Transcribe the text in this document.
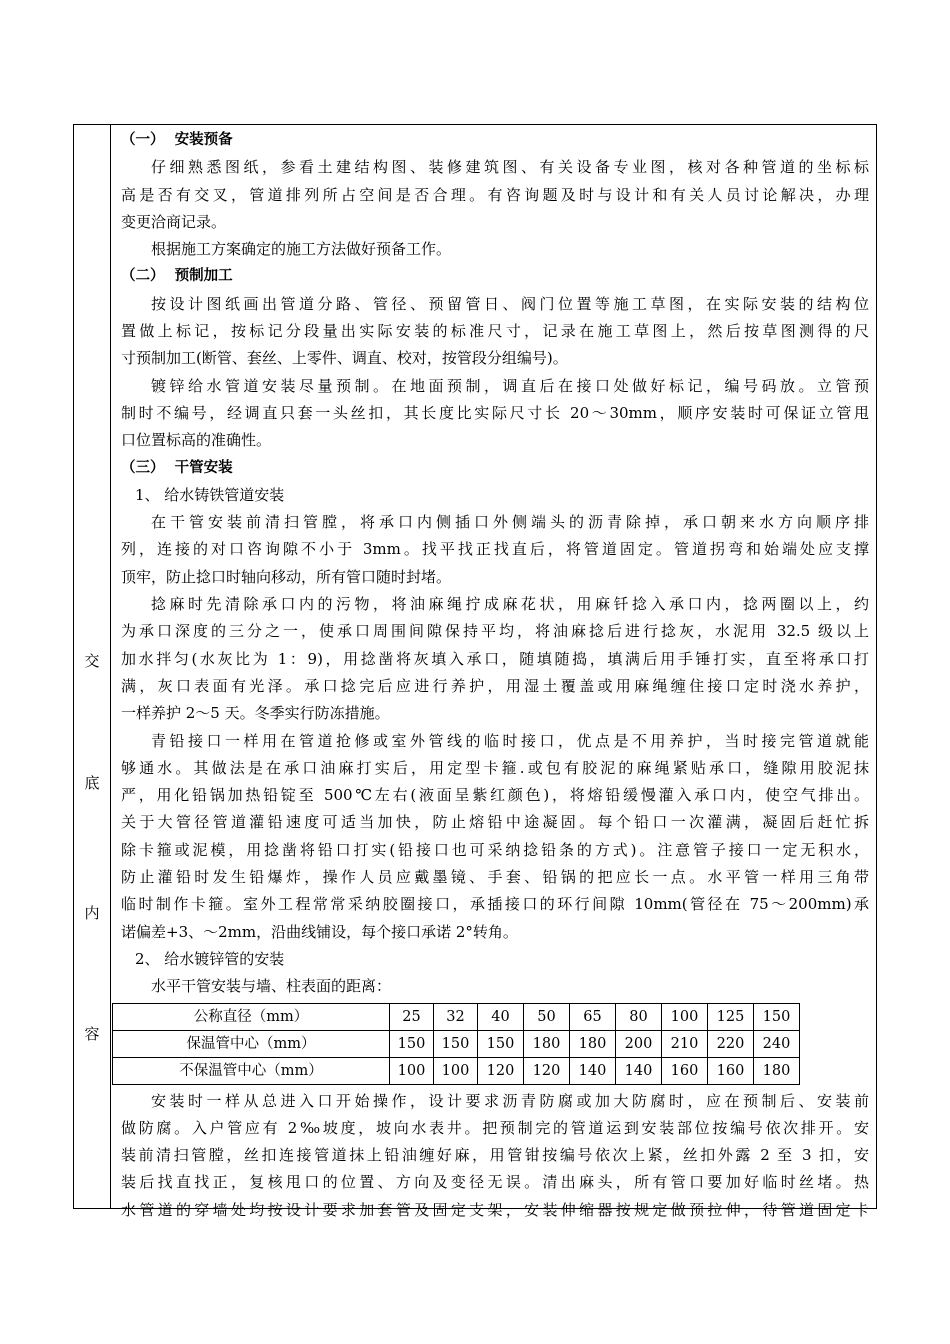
交
底
内
容
（一） 安装预备
仔细熟悉图纸，参看土建结构图、装修建筑图、有关设备专业图，核对各种管道的坐标标
高是否有交叉，管道排列所占空间是否合理。有咨询题及时与设计和有关人员讨论解决，办理
变更洽商记录。
根据施工方案确定的施工方法做好预备工作。
（二） 预制加工
按设计图纸画出管道分路、管径、预留管日、阀门位置等施工草图，在实际安装的结构位
置做上标记，按标记分段量出实际安装的标准尺寸，记录在施工草图上，然后按草图测得的尺
寸预制加工(断管、套丝、上零件、调直、校对，按管段分组编号)。
镀锌给水管道安装尽量预制。在地面预制，调直后在接口处做好标记，编号码放。立管预
制时不编号，经调直只套一头丝扣，其长度比实际尺寸长 20～30mm，顺序安装时可保证立管甩
口位置标高的准确性。
（三） 干管安装
1、 给水铸铁管道安装
在干管安装前清扫管膛，将承口内侧插口外侧端头的沥青除掉，承口朝来水方向顺序排
列，连接的对口咨询隙不小于 3mm。找平找正找直后，将管道固定。管道拐弯和始端处应支撑
顶牢，防止捻口时轴向移动，所有管口随时封堵。
捻麻时先清除承口内的污物，将油麻绳拧成麻花状，用麻钎捻入承口内，捻两圈以上，约
为承口深度的三分之一，使承口周围间隙保持平均，将油麻捻后进行捻灰，水泥用 32.5 级以上
加水拌匀(水灰比为 1：9)，用捻凿将灰填入承口，随填随捣，填满后用手锤打实，直至将承口打
满，灰口表面有光泽。承口捻完后应进行养护，用湿土覆盖或用麻绳缠住接口定时浇水养护，
一样养护 2～5 天。冬季实行防冻措施。
青铅接口一样用在管道抢修或室外管线的临时接口，优点是不用养护，当时接完管道就能
够通水。其做法是在承口油麻打实后，用定型卡箍.或包有胶泥的麻绳紧贴承口，缝隙用胶泥抹
严，用化铅锅加热铅锭至 500℃左右(液面呈紫红颜色)，将熔铅缓慢灌入承口内，使空气排出。
关于大管径管道灌铅速度可适当加快，防止熔铅中途凝固。每个铅口一次灌满，凝固后赶忙拆
除卡箍或泥模，用捻凿将铅口打实(铅接口也可采纳捻铅条的方式)。注意管子接口一定无积水，
防止灌铅时发生铅爆炸，操作人员应戴墨镜、手套、铅锅的把应长一点。水平管一样用三角带
临时制作卡箍。室外工程常常采纳胶圈接口，承插接口的环行间隙 10mm(管径在 75～200mm)承
诺偏差+3、～2mm，沿曲线铺设，每个接口承诺 2°转角。
2、 给水镀锌管的安装
水平干管安装与墙、柱表面的距离：
公称直径（mm）	25	32	40	50	65	80	100	125	150
保温管中心（mm）	150	150	150	180	180	200	210	220	240
不保温管中心（mm）	100	100	120	120	140	140	160	160	180
安装时一样从总进入口开始操作，设计要求沥青防腐或加大防腐时，应在预制后、安装前
做防腐。入户管应有 2‰坡度，坡向水表井。把预制完的管道运到安装部位按编号依次排开。安
装前清扫管膛，丝扣连接管道抹上铅油缠好麻，用管钳按编号依次上紧，丝扣外露 2 至 3 扣，安
装后找直找正，复核甩口的位置、方向及变径无误。清出麻头，所有管口要加好临时丝堵。热
水管道的穿墙处均按设计要求加套管及固定支架，安装伸缩器按规定做预拉伸，待管道固定卡
